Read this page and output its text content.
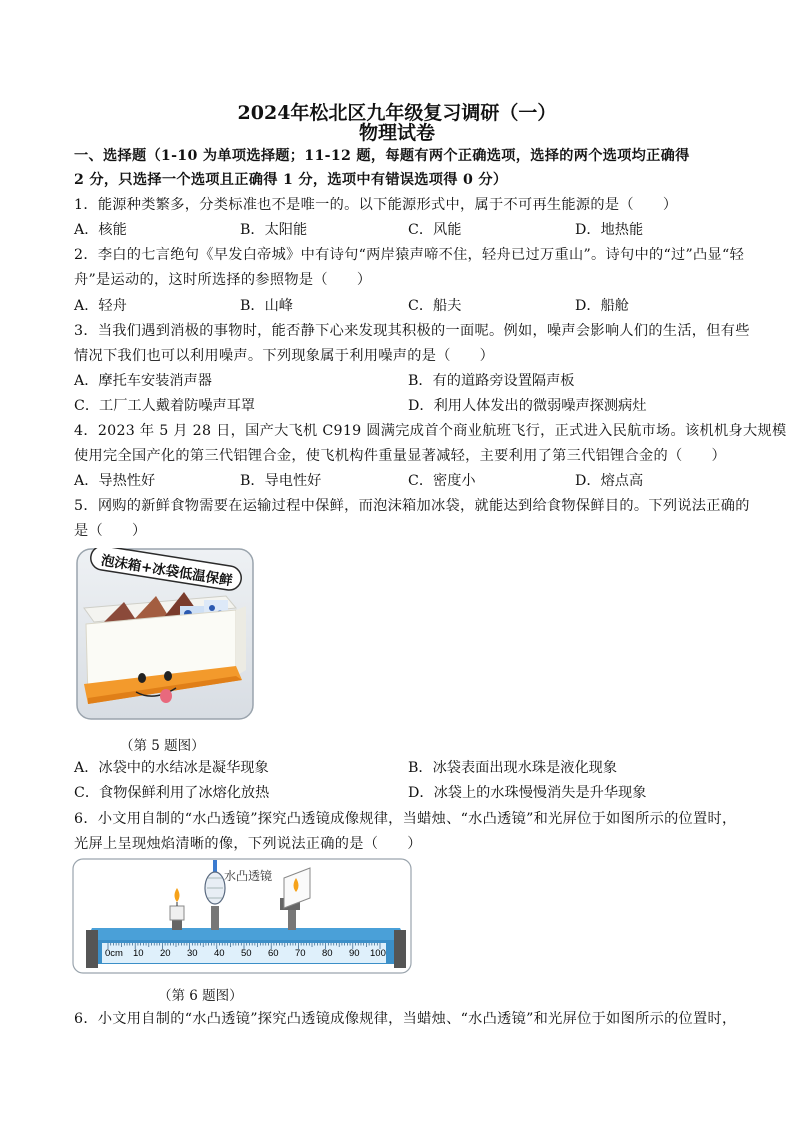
2024年松北区九年级复习调研（一）
物理试卷
一、选择题（1-10 为单项选择题；11-12 题，每题有两个正确选项，选择的两个选项均正确得
2 分，只选择一个选项且正确得 1 分，选项中有错误选项得 0 分）
1．能源种类繁多，分类标准也不是唯一的。以下能源形式中，属于不可再生能源的是（　　）
A．核能	B．太阳能	C．风能	D．地热能
2．李白的七言绝句《早发白帝城》中有诗句“两岸猿声啼不住，轻舟已过万重山”。诗句中的“过”凸显“轻
舟”是运动的，这时所选择的参照物是（　　）
A．轻舟	B．山峰	C．船夫	D．船舱
3．当我们遇到消极的事物时，能否静下心来发现其积极的一面呢。例如，噪声会影响人们的生活，但有些
情况下我们也可以利用噪声。下列现象属于利用噪声的是（　　）
A．摩托车安装消声器	B．有的道路旁设置隔声板
C．工厂工人戴着防噪声耳罩	D．利用人体发出的微弱噪声探测病灶
4．2023 年 5 月 28 日，国产大飞机 C919 圆满完成首个商业航班飞行，正式进入民航市场。该机机身大规模
使用完全国产化的第三代铝锂合金，使飞机构件重量显著减轻，主要利用了第三代铝锂合金的（　　）
A．导热性好	B．导电性好	C．密度小	D．熔点高
5．网购的新鲜食物需要在运输过程中保鲜，而泡沫箱加冰袋，就能达到给食物保鲜目的。下列说法正确的
是（　　）
泡沫箱+冰袋低温保鲜
（第 5 题图）
A．冰袋中的水结冰是凝华现象	B．冰袋表面出现水珠是液化现象
C．食物保鲜利用了冰熔化放热	D．冰袋上的水珠慢慢消失是升华现象
6．小文用自制的“水凸透镜”探究凸透镜成像规律，当蜡烛、“水凸透镜”和光屏位于如图所示的位置时，
光屏上呈现烛焰清晰的像，下列说法正确的是（　　）
0cm 10 20 30 40 50 60 70 80 90 100
水凸透镜
（第 6 题图）
6．小文用自制的“水凸透镜”探究凸透镜成像规律，当蜡烛、“水凸透镜”和光屏位于如图所示的位置时，
